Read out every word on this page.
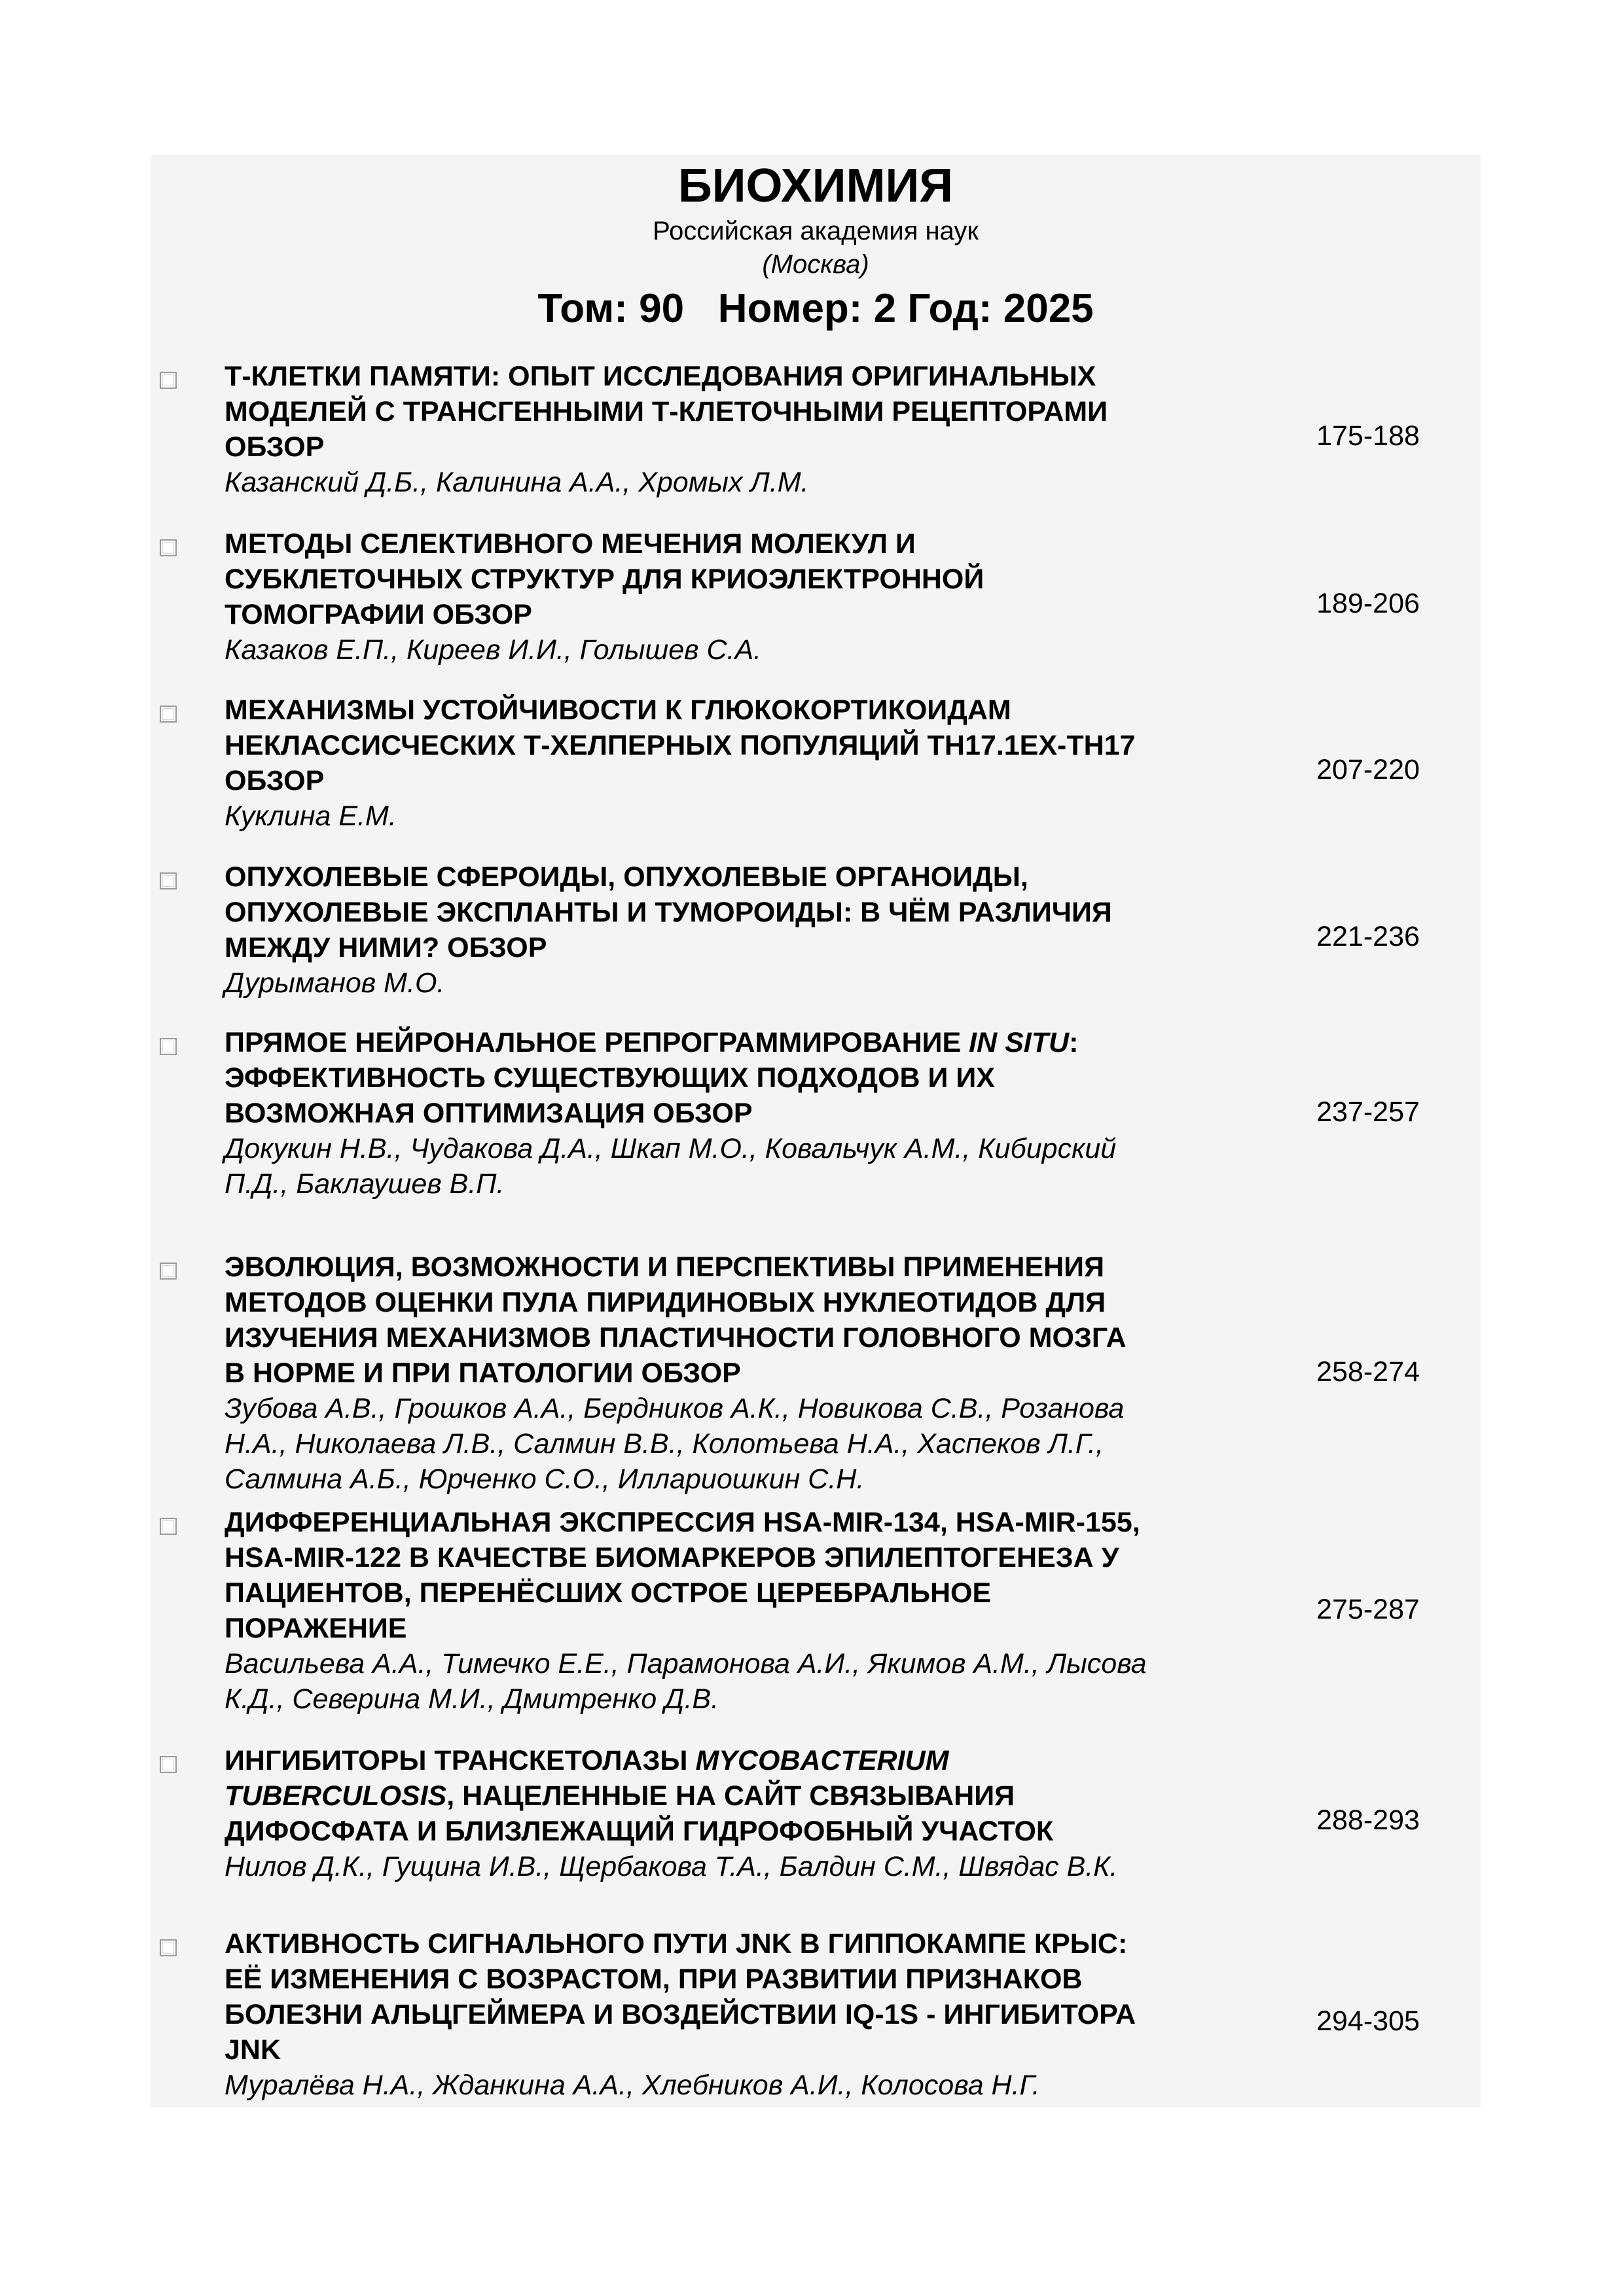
БИОХИМИЯ
Российская академия наук
(Москва)
Том: 90 Номер: 2 Год: 2025
Т-КЛЕТКИ ПАМЯТИ: ОПЫТ ИССЛЕДОВАНИЯ ОРИГИНАЛЬНЫХ
МОДЕЛЕЙ С ТРАНСГЕННЫМИ Т-КЛЕТОЧНЫМИ РЕЦЕПТОРАМИ
ОБЗОР
Казанский Д.Б., Калинина А.А., Хромых Л.М.
175-188
МЕТОДЫ СЕЛЕКТИВНОГО МЕЧЕНИЯ МОЛЕКУЛ И
СУБКЛЕТОЧНЫХ СТРУКТУР ДЛЯ КРИОЭЛЕКТРОННОЙ
ТОМОГРАФИИ ОБЗОР
Казаков Е.П., Киреев И.И., Голышев С.А.
189-206
МЕХАНИЗМЫ УСТОЙЧИВОСТИ К ГЛЮКОКОРТИКОИДАМ
НЕКЛАССИСЧЕСКИХ Т-ХЕЛПЕРНЫХ ПОПУЛЯЦИЙ TH17.1EX-TH17
ОБЗОР
Куклина Е.М.
207-220
ОПУХОЛЕВЫЕ СФЕРОИДЫ, ОПУХОЛЕВЫЕ ОРГАНОИДЫ,
ОПУХОЛЕВЫЕ ЭКСПЛАНТЫ И ТУМОРОИДЫ: В ЧЁМ РАЗЛИЧИЯ
МЕЖДУ НИМИ? ОБЗОР
Дурыманов М.О.
221-236
ПРЯМОЕ НЕЙРОНАЛЬНОЕ РЕПРОГРАММИРОВАНИЕ IN SITU:
ЭФФЕКТИВНОСТЬ СУЩЕСТВУЮЩИХ ПОДХОДОВ И ИХ
ВОЗМОЖНАЯ ОПТИМИЗАЦИЯ ОБЗОР
Докукин Н.В., Чудакова Д.А., Шкап М.О., Ковальчук А.М., Кибирский
П.Д., Баклаушев В.П.
237-257
ЭВОЛЮЦИЯ, ВОЗМОЖНОСТИ И ПЕРСПЕКТИВЫ ПРИМЕНЕНИЯ
МЕТОДОВ ОЦЕНКИ ПУЛА ПИРИДИНОВЫХ НУКЛЕОТИДОВ ДЛЯ
ИЗУЧЕНИЯ МЕХАНИЗМОВ ПЛАСТИЧНОСТИ ГОЛОВНОГО МОЗГА
В НОРМЕ И ПРИ ПАТОЛОГИИ ОБЗОР
Зубова А.В., Грошков А.А., Бердников А.К., Новикова С.В., Розанова
Н.А., Николаева Л.В., Салмин В.В., Колотьева Н.А., Хаспеков Л.Г.,
Салмина А.Б., Юрченко С.О., Иллариошкин С.Н.
258-274
ДИФФЕРЕНЦИАЛЬНАЯ ЭКСПРЕССИЯ HSA-MIR-134, HSA-MIR-155,
HSA-MIR-122 В КАЧЕСТВЕ БИОМАРКЕРОВ ЭПИЛЕПТОГЕНЕЗА У
ПАЦИЕНТОВ, ПЕРЕНЁСШИХ ОСТРОЕ ЦЕРЕБРАЛЬНОЕ
ПОРАЖЕНИЕ
Васильева А.А., Тимечко Е.Е., Парамонова А.И., Якимов А.М., Лысова
К.Д., Северина М.И., Дмитренко Д.В.
275-287
ИНГИБИТОРЫ ТРАНСКЕТОЛАЗЫ MYCOBACTERIUM
TUBERCULOSIS, НАЦЕЛЕННЫЕ НА САЙТ СВЯЗЫВАНИЯ
ДИФОСФАТА И БЛИЗЛЕЖАЩИЙ ГИДРОФОБНЫЙ УЧАСТОК
Нилов Д.К., Гущина И.В., Щербакова Т.А., Балдин С.М., Швядас В.К.
288-293
АКТИВНОСТЬ СИГНАЛЬНОГО ПУТИ JNK В ГИППОКАМПЕ КРЫС:
ЕЁ ИЗМЕНЕНИЯ С ВОЗРАСТОМ, ПРИ РАЗВИТИИ ПРИЗНАКОВ
БОЛЕЗНИ АЛЬЦГЕЙМЕРА И ВОЗДЕЙСТВИИ IQ-1S - ИНГИБИТОРА
JNK
Муралёва Н.А., Жданкина А.А., Хлебников А.И., Колосова Н.Г.
294-305
